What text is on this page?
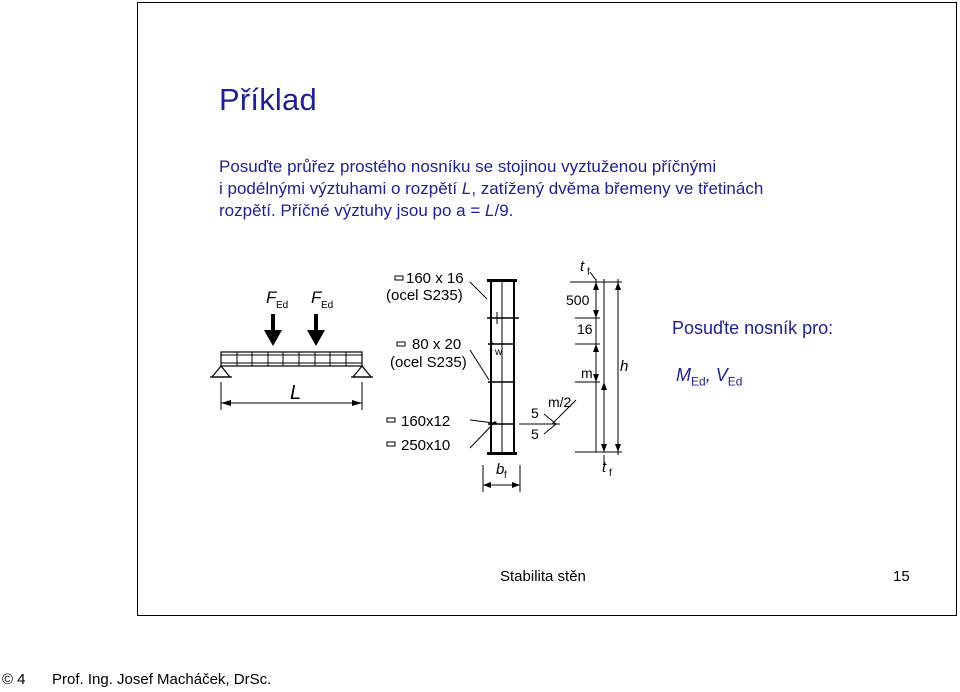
Příklad
Posuďte průřez prostého nosníku se stojinou vyztuženou příčnými
i podélnými výztuhami o rozpětí L, zatížený dvěma břemeny ve třetinách
rozpětí. Příčné výztuhy jsou po a = L/9.
F Ed F Ed
L
160 x 16
(ocel S235)
80 x 20
(ocel S235)
160x12
250x10
t w
b f
5
5
m/2
t f
500
16
m h
t f
Posuďte nosník pro:
$M_{Ed}$, $V_{Ed}$
Stabilita stěn	15
© 4 Prof. Ing. Josef Macháček, DrSc.
